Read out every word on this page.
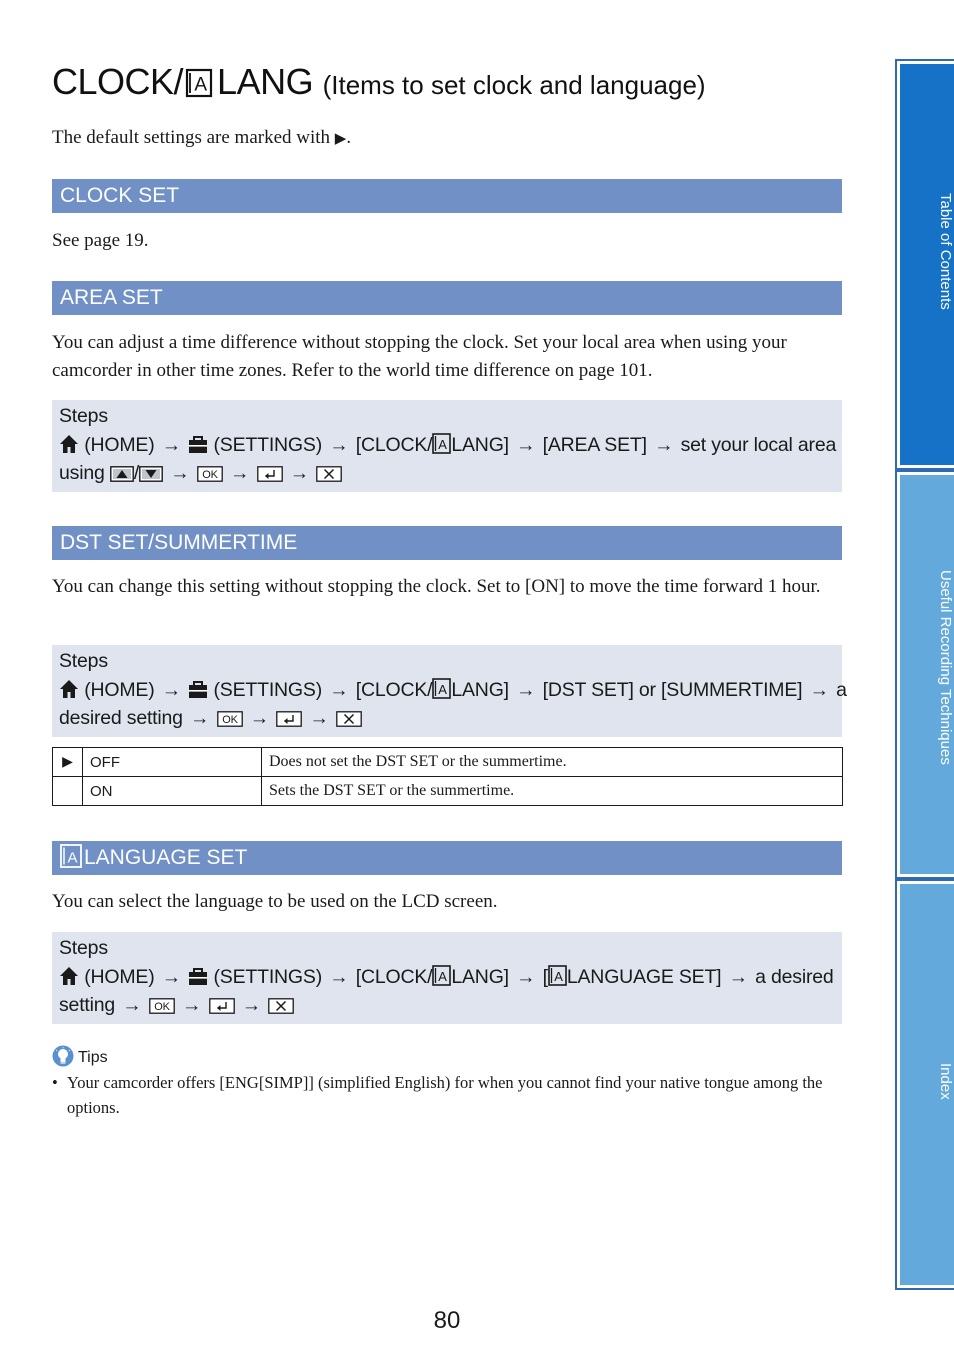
CLOCK/ A LANG (Items to set clock and language)

The default settings are marked with ▶.

CLOCK SET

See page 19.

AREA SET

You can adjust a time difference without stopping the clock. Set your local area when using your camcorder in other time zones. Refer to the world time difference on page 101.

Steps
(HOME) → (SETTINGS) → [CLOCK/ A LANG] → [AREA SET] → set your local area
using / → OK → →
DST SET/SUMMERTIME

You can change this setting without stopping the clock. Set to [ON] to move the time forward 1 hour.

Steps
(HOME) → (SETTINGS) → [CLOCK/ A LANG] → [DST SET] or [SUMMERTIME] → a
desired setting → OK → →
▶	OFF	Does not set the DST SET or the summertime.
	ON	Sets the DST SET or the summertime.
A LANGUAGE SET

You can select the language to be used on the LCD screen.

Steps
(HOME) → (SETTINGS) → [CLOCK/ A LANG] → [ A LANGUAGE SET] → a desired
setting → OK → →
Tips
• Your camcorder offers [ENG[SIMP]] (simplified English) for when you cannot find your native tongue among the options.
80
Table of Contents
Useful Recording Techniques
Index
